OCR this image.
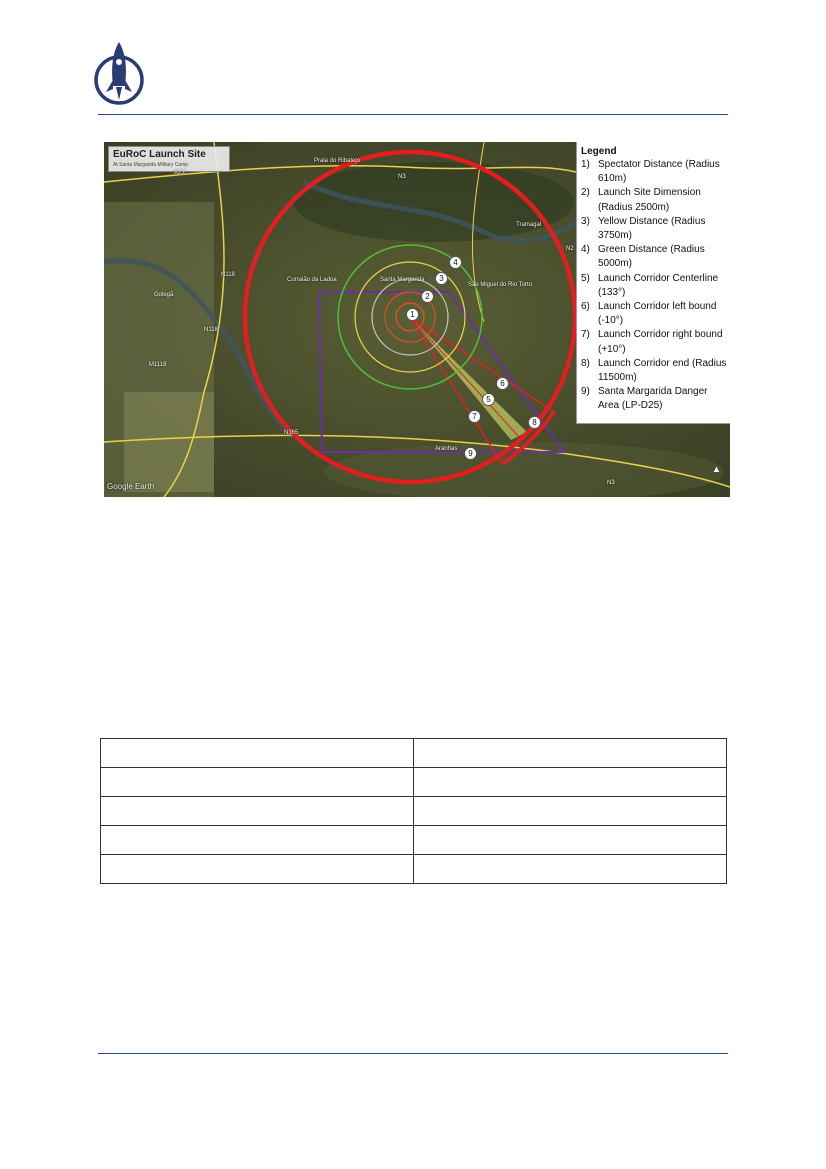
EuRoC Launch Site
At Santa Margarida Military Camp
Praia do Ribatejo
Curralão da Ladoa	Santa Margarida
São Miguel do Rio Torto
Aranhas
Tramagal
Golegã
A23
N3
N118
N118
M1118
N365
N2
N3
1
2
3
4
5
6
7
8
9
Google Earth
▲
Legend
1) Spectator Distance (Radius 610m)
2) Launch Site Dimension (Radius 2500m)
3) Yellow Distance (Radius 3750m)
4) Green Distance (Radius 5000m)
5) Launch Corridor Centerline (133°)
6) Launch Corridor left bound (-10°)
7) Launch Corridor right bound (+10°)
8) Launch Corridor end (Radius 11500m)
9) Santa Margarida Danger Area (LP-D25)
